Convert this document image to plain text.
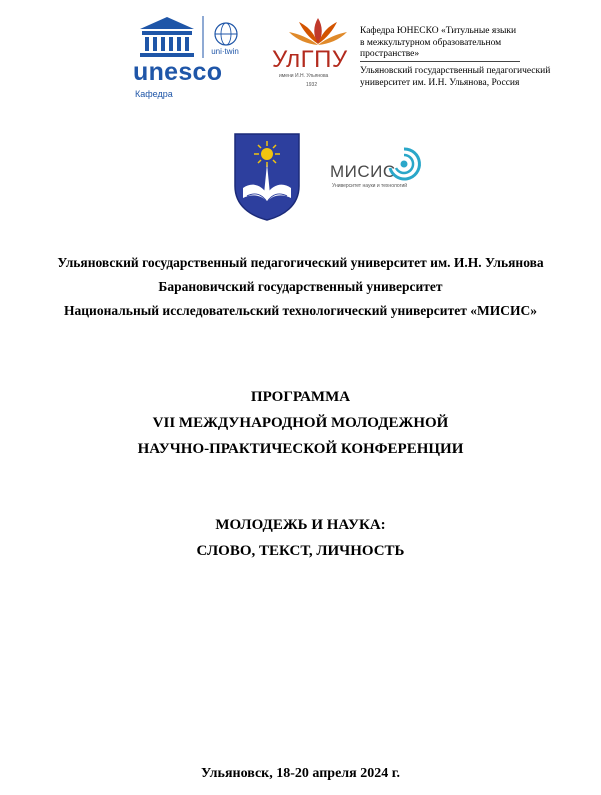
uni·twin
unesco
Кафедра
УлГПУ
имени И.Н. Ульянова
1932
Кафедра ЮНЕСКО «Титульные языки
в межкультурном образовательном
пространстве»
Ульяновский государственный педагогический
университет им. И.Н. Ульянова, Россия
МИСИС
Университет науки и технологий
Ульяновский государственный педагогический университет им. И.Н. Ульянова
Барановичский государственный университет
Национальный исследовательский технологический университет «МИСИС»
ПРОГРАММА
VII МЕЖДУНАРОДНОЙ МОЛОДЕЖНОЙ
НАУЧНО-ПРАКТИЧЕСКОЙ КОНФЕРЕНЦИИ
МОЛОДЕЖЬ И НАУКА:
СЛОВО, ТЕКСТ, ЛИЧНОСТЬ
Ульяновск, 18-20 апреля 2024 г.
